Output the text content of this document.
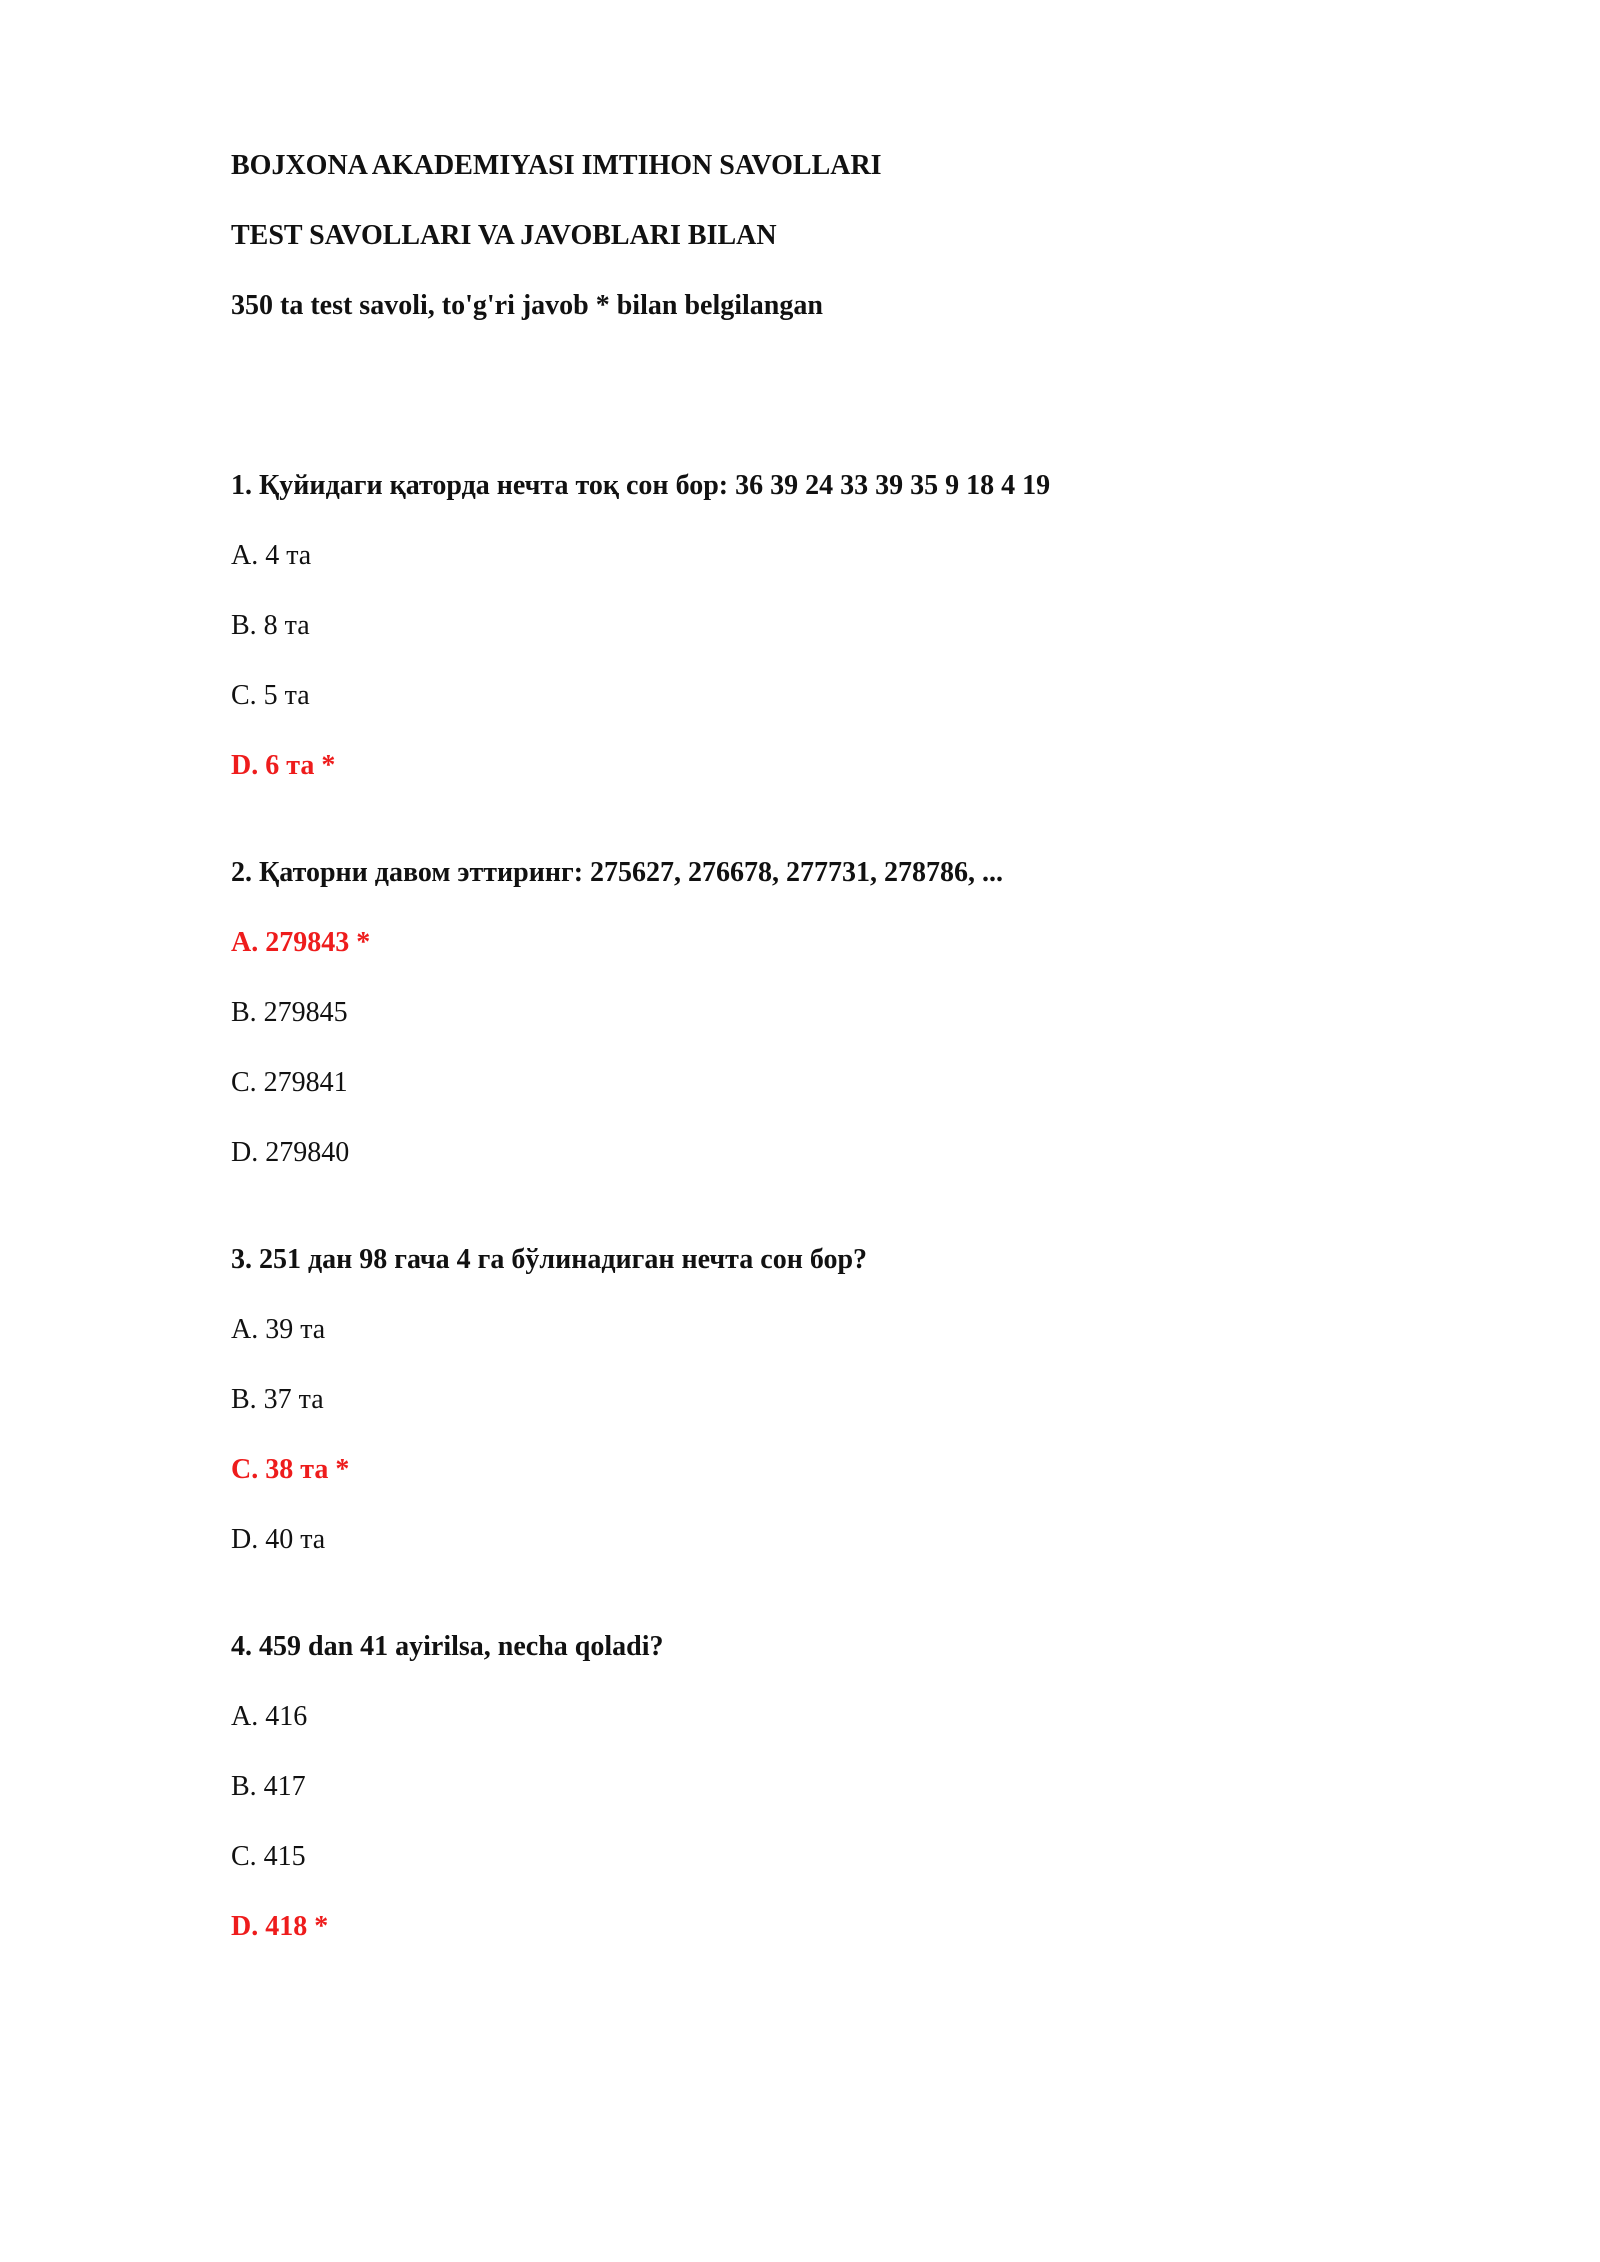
BOJXONA AKADEMIYASI IMTIHON SAVOLLARI
TEST SAVOLLARI VA JAVOBLARI BILAN
350 ta test savoli, to'g'ri javob * bilan belgilangan
1. Қуйидаги қаторда нечта тоқ сон бор: 36 39 24 33 39 35 9 18 4 19
A. 4 та
B. 8 та
C. 5 та
D. 6 та *
2. Қаторни давом эттиринг: 275627, 276678, 277731, 278786, ...
A. 279843 *
B. 279845
C. 279841
D. 279840
3. 251 дан 98 гача 4 га бўлинадиган нечта сон бор?
A. 39 та
B. 37 та
C. 38 та *
D. 40 та
4. 459 dan 41 ayirilsa, necha qoladi?
A. 416
B. 417
C. 415
D. 418 *
